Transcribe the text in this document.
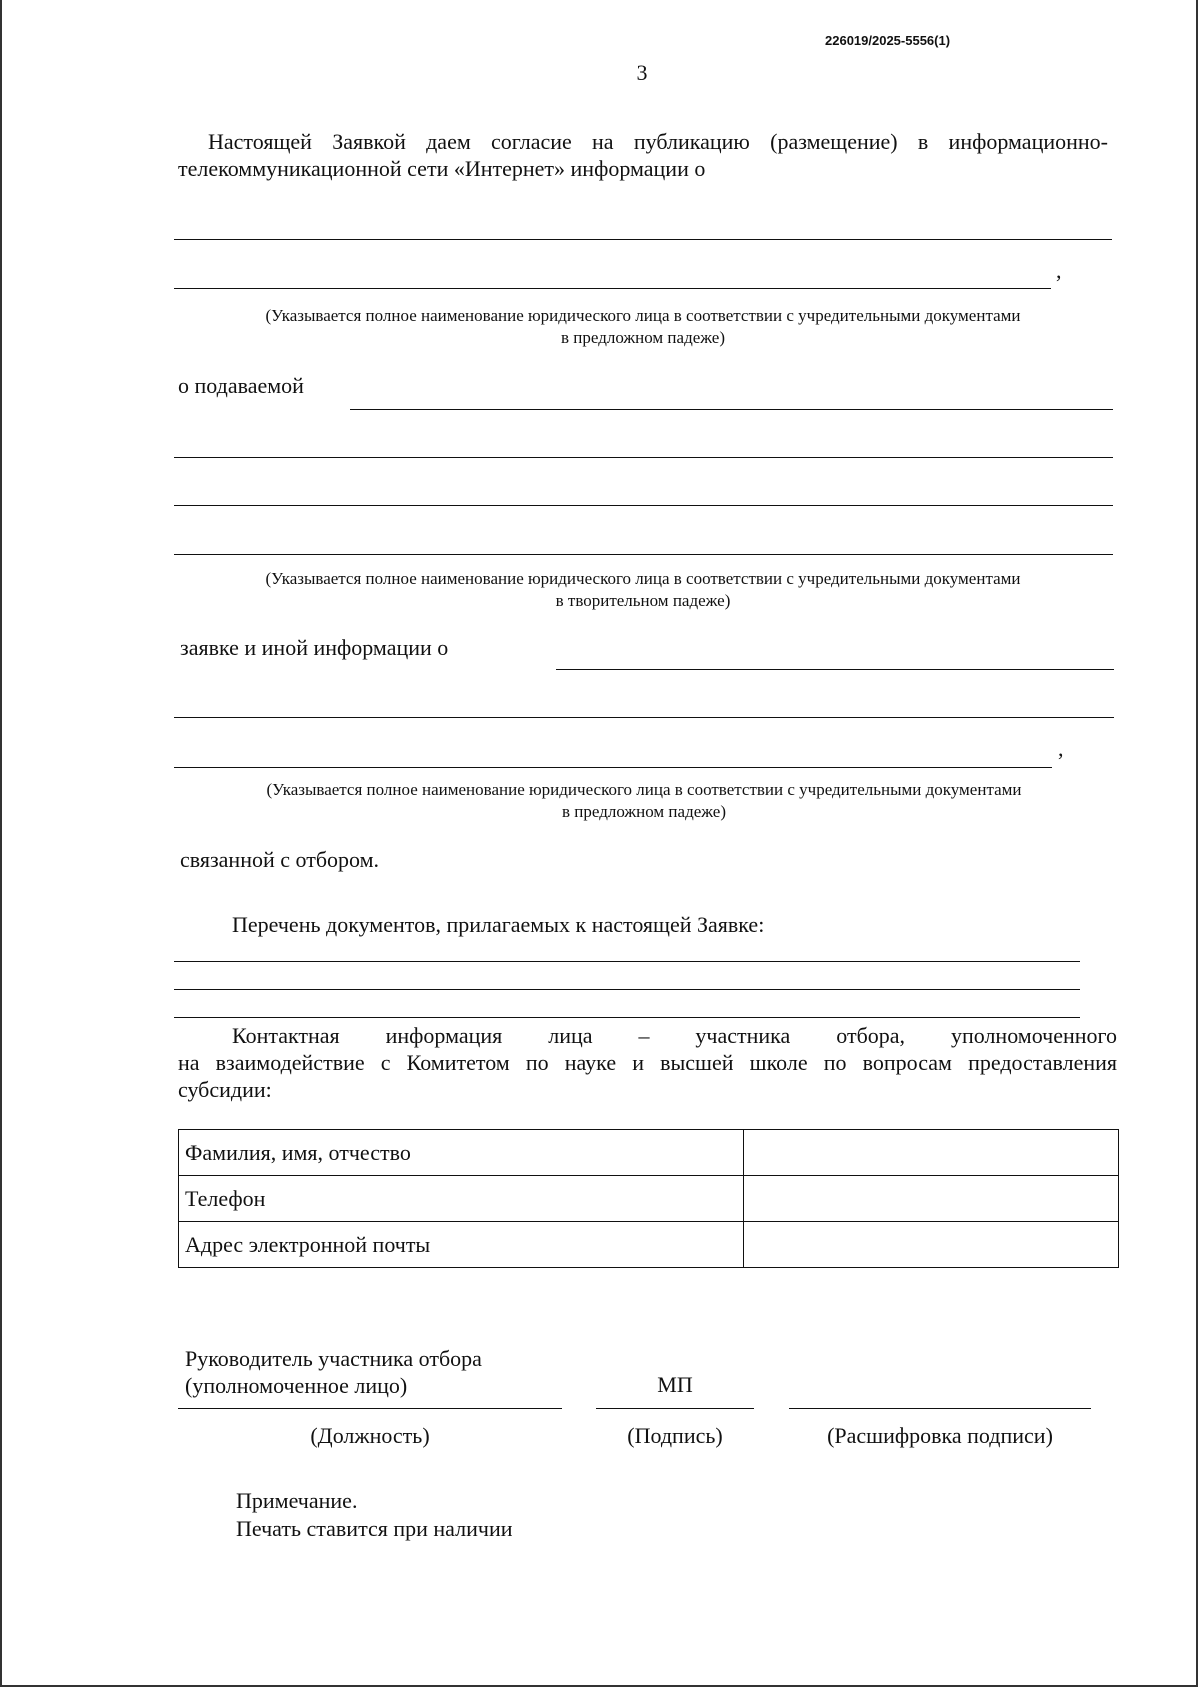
226019/2025-5556(1)
3
Настоящей Заявкой даем согласие на публикацию (размещение) в информационно-
телекоммуникационной сети «Интернет» информации о
,
(Указывается полное наименование юридического лица в соответствии с учредительными документами
в предложном падеже)
о подаваемой
(Указывается полное наименование юридического лица в соответствии с учредительными документами
в творительном падеже)
заявке и иной информации о
,
(Указывается полное наименование юридического лица в соответствии с учредительными документами
в предложном падеже)
связанной с отбором.
Перечень документов, прилагаемых к настоящей Заявке:
Контактная информация лица – участника отбора, уполномоченного
на взаимодействие с Комитетом по науке и высшей школе по вопросам предоставления
субсидии:
Фамилия, имя, отчество	
Телефон	
Адрес электронной почты	
Руководитель участника отбора
(уполномоченное лицо)	МП
(Должность)	(Подпись)	(Расшифровка подписи)
Примечание.
Печать ставится при наличии
